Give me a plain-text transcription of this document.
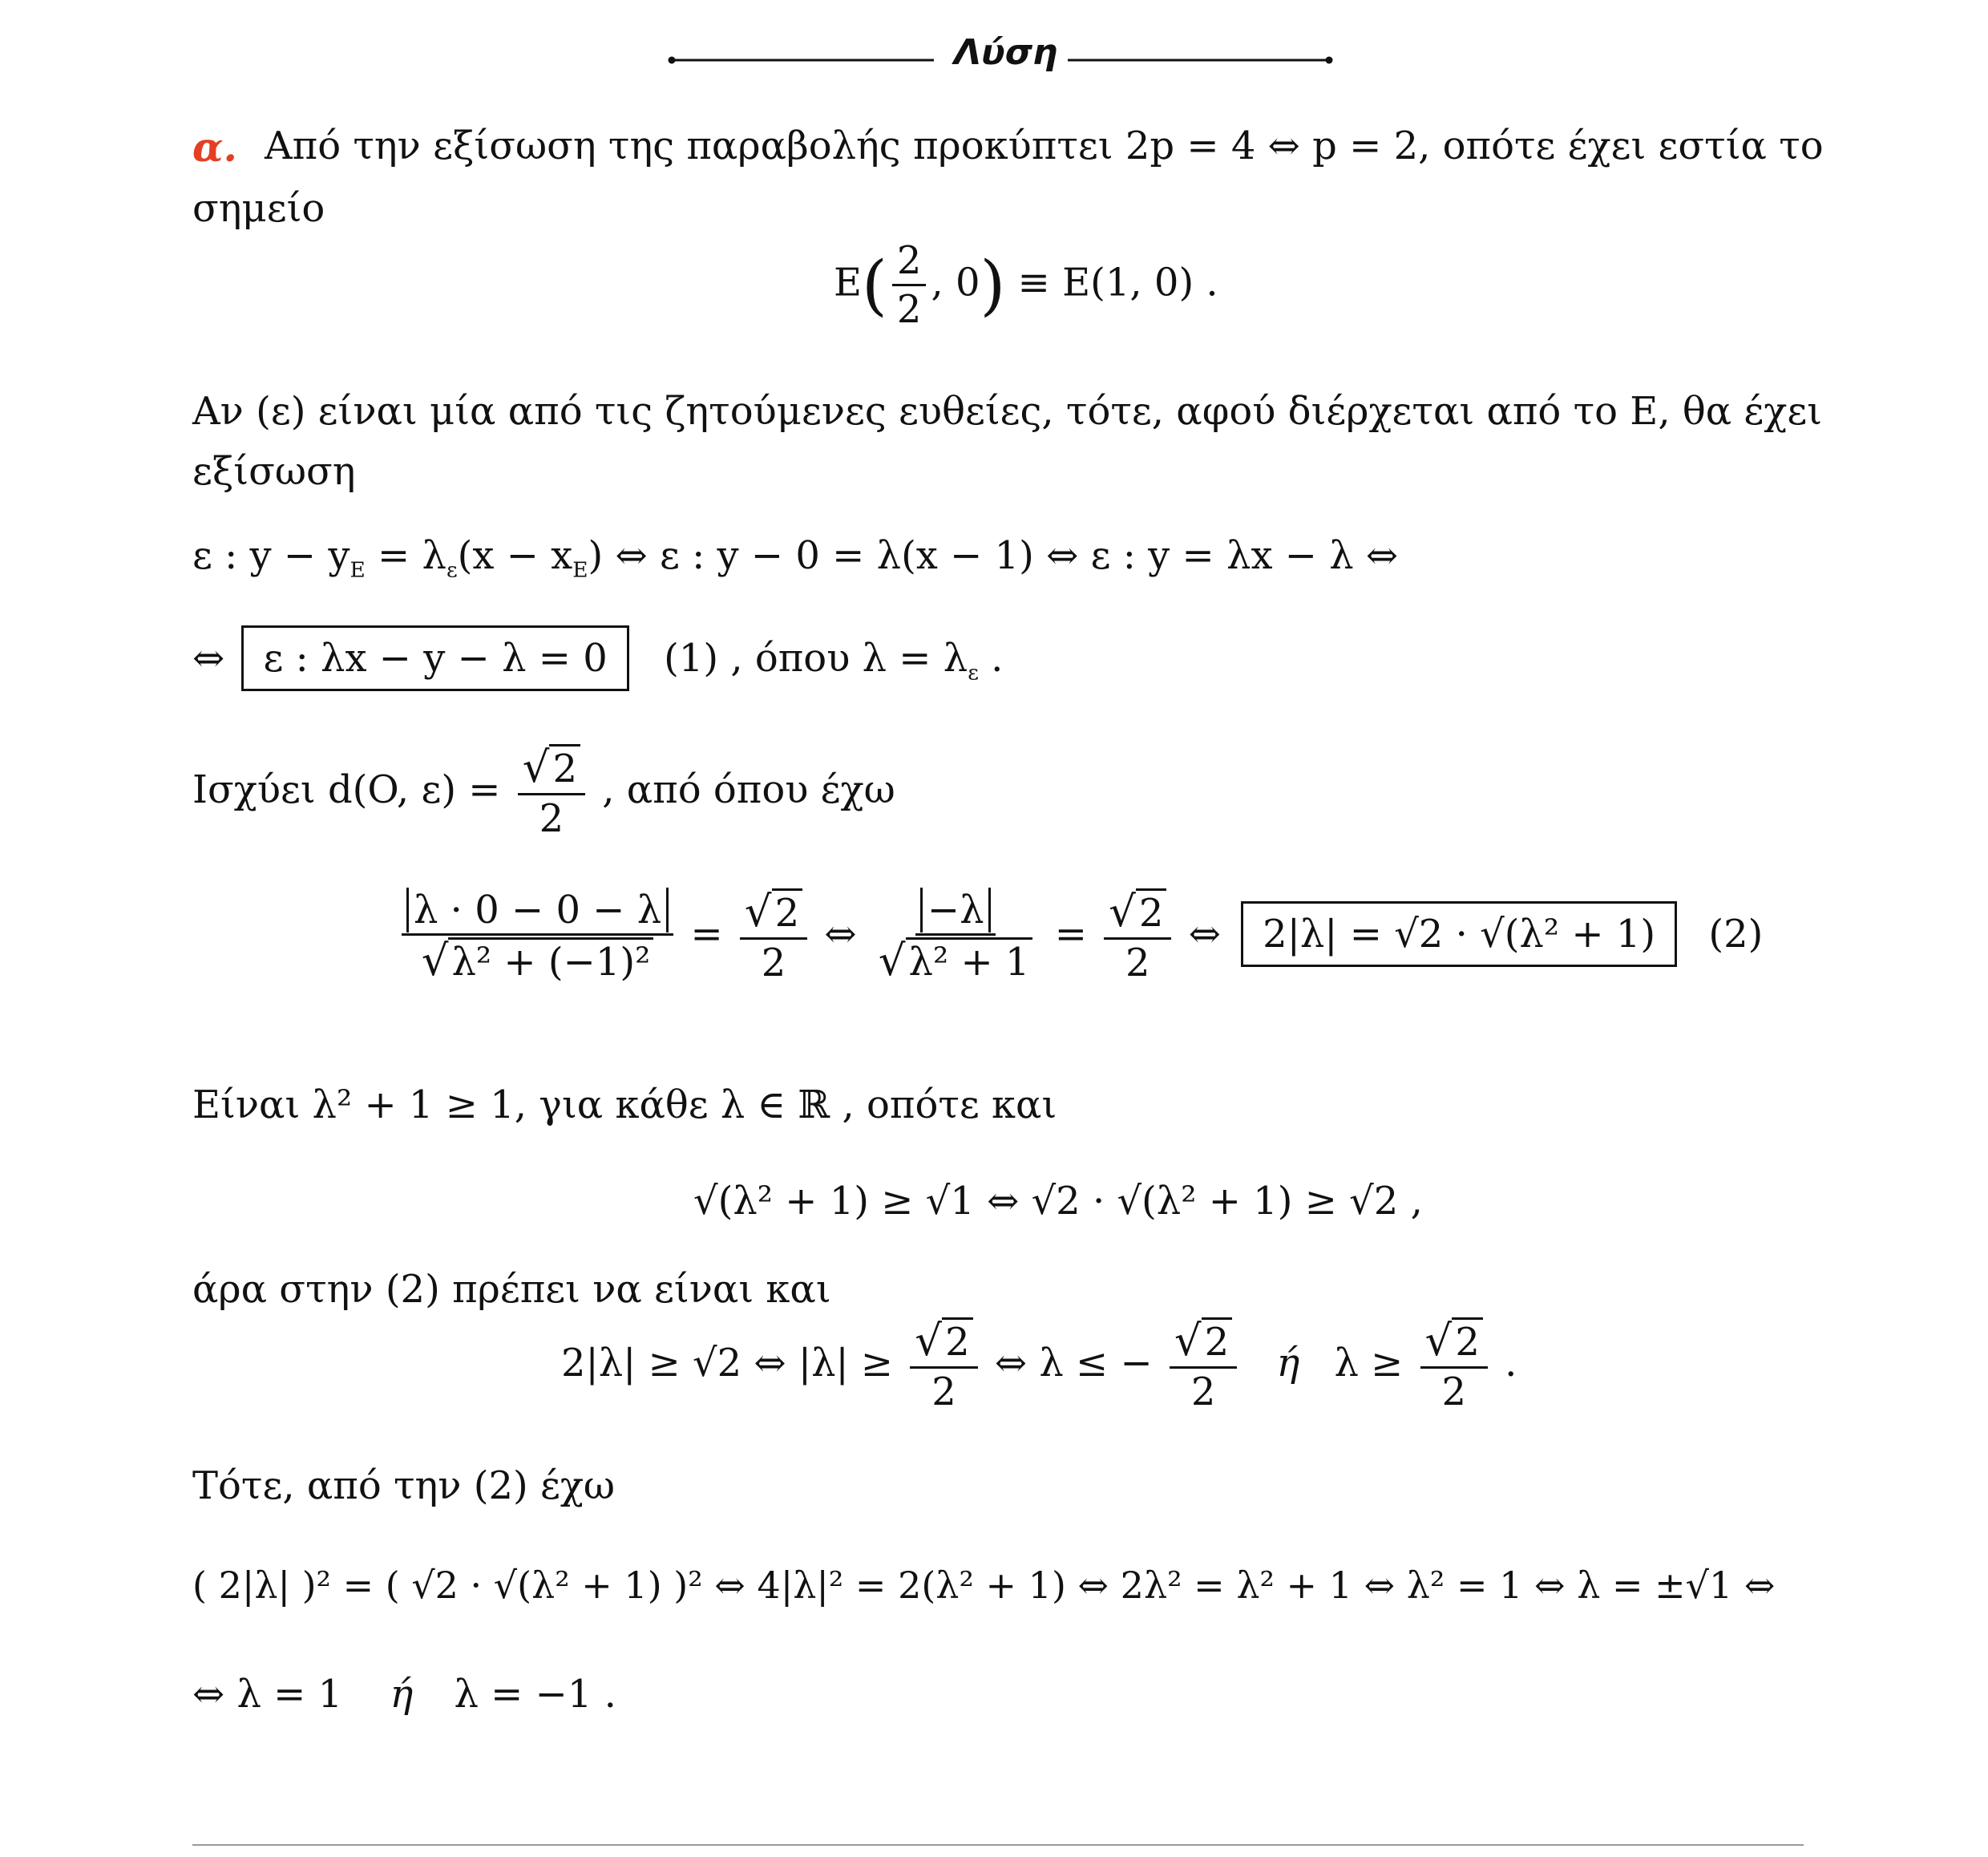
Λύση
α. Από την εξίσωση της παραβολής προκύπτει 2p = 4 ⇔ p = 2, οπότε έχει εστία το
σημείο
$E( \frac{2}{2}$ , 0) ≡ E(1, 0) .
Αν (ε) είναι μία από τις ζητούμενες ευθείες, τότε, αφού διέρχεται από το Ε, θα έχει
εξίσωση
ε : $y - y_E = \lambda_\varepsilon(x - x_E)$ ⇔ ε : y − 0 = λ(x − 1) ⇔ ε : y = λx − λ ⇔
⇔ ε : λx − y − λ = 0 (1) , όπου $\lambda = \lambda_\varepsilon$ .
Ισχύει d(O, $\varepsilon) = \frac{√2}{2}$ , από όπου έχω
$\frac{\lambda \cdot 0 - 0 - \lambda}{\text{√λ² + (−1)²}} = \frac{√2}{2}$ ⇔ $\frac{-\lambda}{\text{√λ² + 1}} = \frac{√2}{2}$ ⇔ 2|λ| = √2 · √(λ² + 1) (2)
Είναι λ² + 1 ≥ 1, για κάθε λ ∈ ℝ , οπότε και
√(λ² + 1) ≥ √1 ⇔ √2 · √(λ² + 1) ≥ √2 ,
άρα στην (2) πρέπει να είναι και
2|λ| ≥ √2 ⇔ $|\lambda| \ge \frac{√2}{2}$ ⇔ λ ≤ − $\frac{√2}{2}$ ή $\lambda \ge \frac{√2}{2}$ .
Τότε, από την (2) έχω
( 2|λ| )² = ( √2 · √(λ² + 1) )² ⇔ 4|λ|² = 2(λ² + 1) ⇔ 2λ² = λ² + 1 ⇔ λ² = 1 ⇔ λ = ±√1 ⇔
⇔ λ = 1 ή λ = −1 .
